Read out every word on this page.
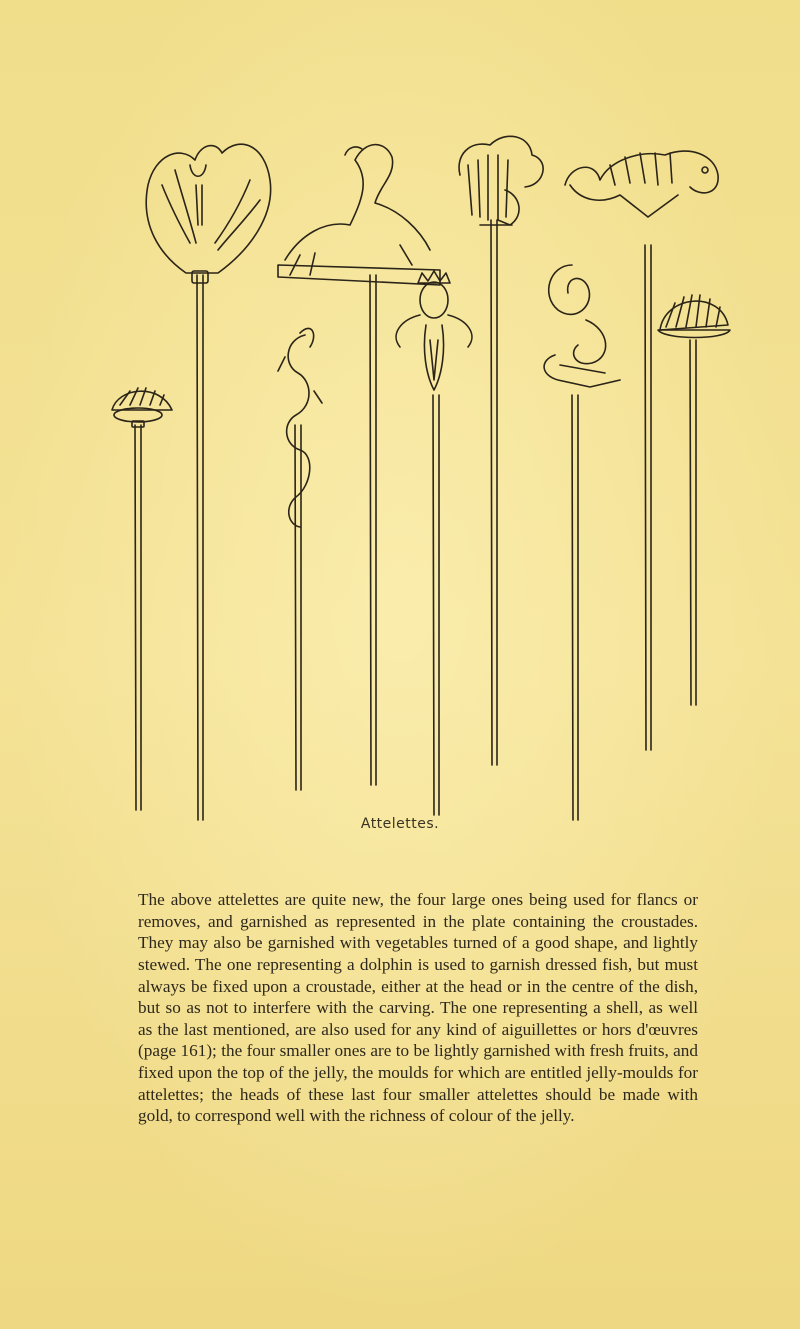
Attelettes.

The above attelettes are quite new, the four large ones being used for flancs or removes, and garnished as represented in the plate containing the croustades. They may also be garnished with vegetables turned of a good shape, and lightly stewed. The one representing a dolphin is used to garnish dressed fish, but must always be fixed upon a croustade, either at the head or in the centre of the dish, but so as not to interfere with the carving. The one representing a shell, as well as the last mentioned, are also used for any kind of aiguillettes or hors d'œuvres (page 161); the four smaller ones are to be lightly garnished with fresh fruits, and fixed upon the top of the jelly, the moulds for which are entitled jelly-moulds for attelettes; the heads of these last four smaller attelettes should be made with gold, to correspond well with the richness of colour of the jelly.
